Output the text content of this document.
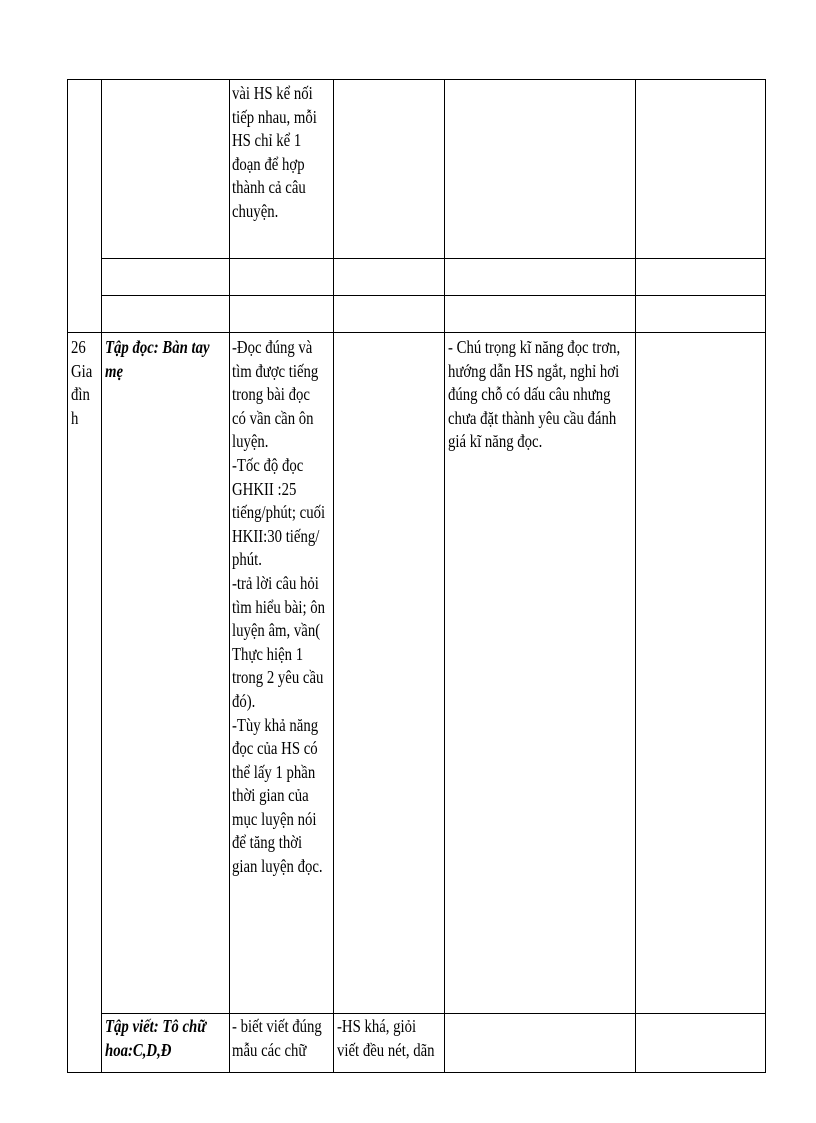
vài HS kể nối
tiếp nhau, mỗi
HS chỉ kể 1
đoạn để hợp
thành cả câu
chuyện.
26
Gia
đìn
h
Tập đọc: Bàn tay
mẹ
-Đọc đúng và
tìm được tiếng
trong bài đọc
có vần cần ôn
luyện.
-Tốc độ đọc
GHKII :25
tiếng/phút; cuối
HKII:30 tiếng/
phút.
-trả lời câu hỏi
tìm hiểu bài; ôn
luyện âm, vần(
Thực hiện 1
trong 2 yêu cầu
đó).
-Tùy khả năng
đọc của HS có
thể lấy 1 phần
thời gian của
mục luyện nói
để tăng thời
gian luyện đọc.
- Chú trọng kĩ năng đọc trơn,
hướng dẫn HS ngắt, nghỉ hơi
đúng chỗ có dấu câu nhưng
chưa đặt thành yêu cầu đánh
giá kĩ năng đọc.
Tập viết: Tô chữ
hoa:C,D,Đ
- biết viết đúng
mẫu các chữ
-HS khá, giỏi
viết đều nét, dãn
